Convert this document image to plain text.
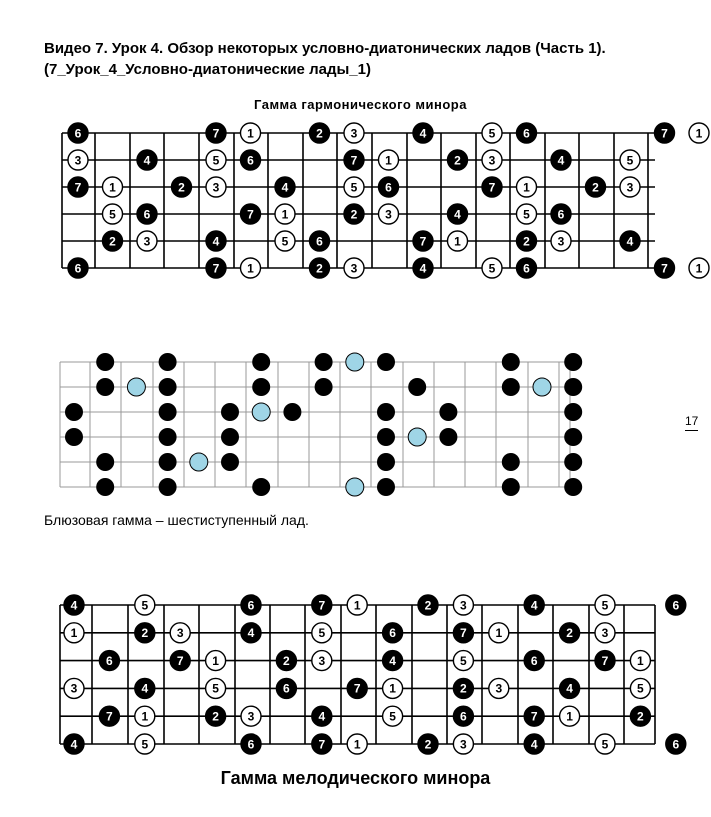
Видео 7. Урок 4. Обзор некоторых условно-диатонических ладов (Часть 1).
(7_Урок_4_Условно-диатонические лады_1)
Гамма гармонического минора
6	7 1	2 3	4	5 6	7 1
3	4	5 6	7 1	2 3	4	5
7 1	2 3	4	5 6	7 1	2 3
5 6	7 1	2 3	4	5 6
2 3	4	5 6	7 1	2 3	4
6	7 1	2 3	4	5 6	7 1
4	5	6	7 1	2 3	4	5	6
1	2 3	4	5	6	7 1	2 3
6	7 1	2 3	4	5	6	7 1
3	4	5	6	7 1	2 3	4	5
7 1	2 3	4	5	6	7 1	2
4	5	6	7 1	2 3	4	5	6
Блюзовая гамма – шестиступенный лад.
Гамма мелодического минора
17
